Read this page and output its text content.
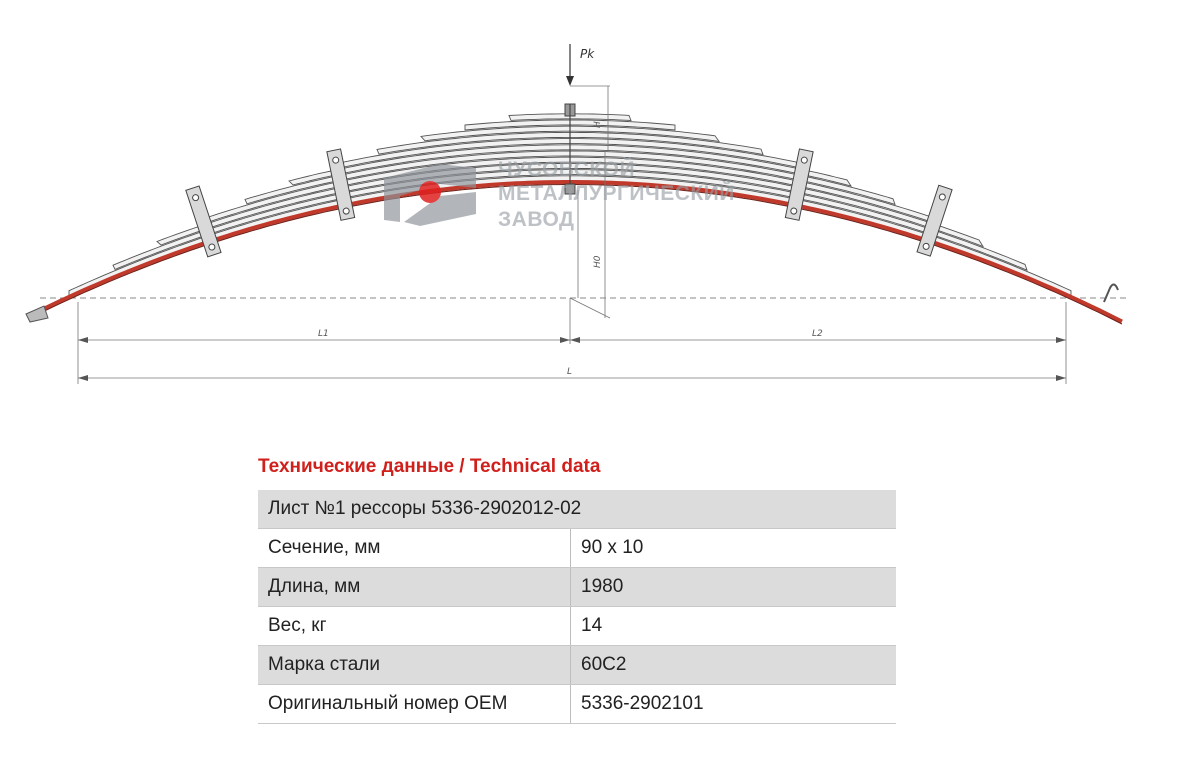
Pk
H
H0
L1	L2
L
ЧУСОВСКОЙ
МЕТАЛЛУРГИЧЕСКИЙ
ЗАВОД
Технические данные / Technical data
Лист №1 рессоры 5336-2902012-02	
Сечение, мм	90 x 10
Длина, мм	1980
Вес, кг	14
Марка стали	60С2
Оригинальный номер OEM	5336-2902101
